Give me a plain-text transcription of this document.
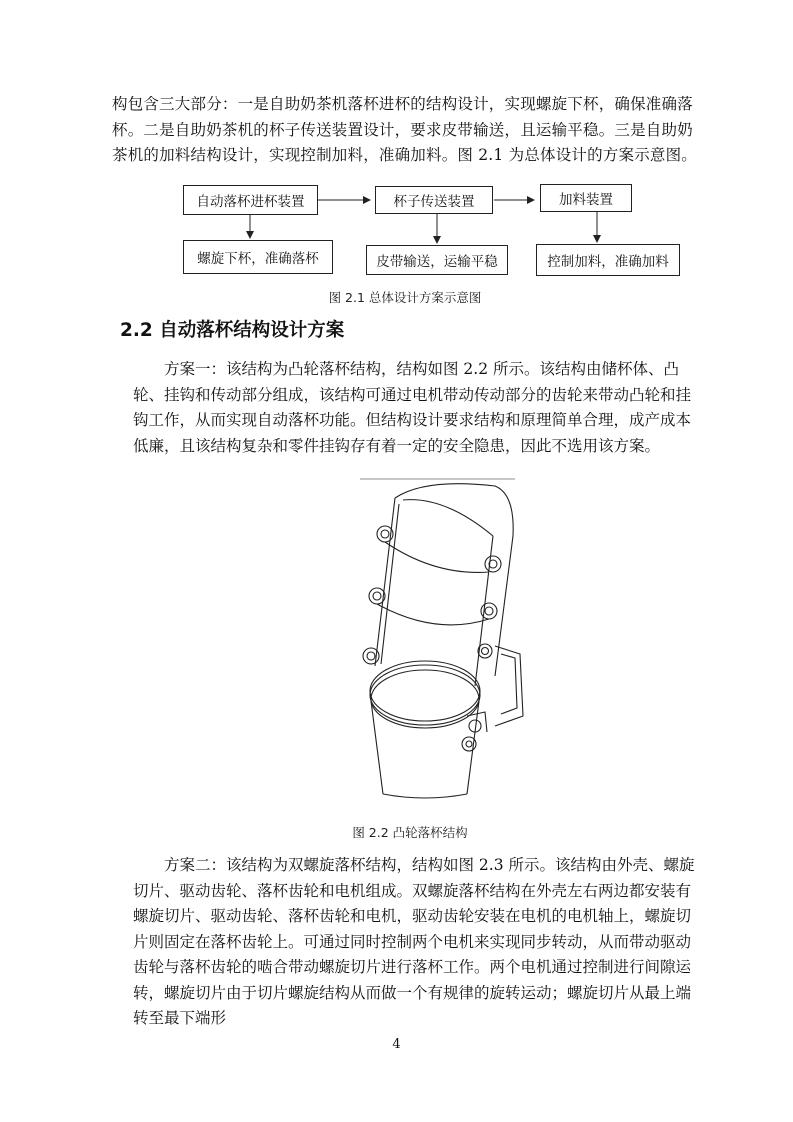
构包含三大部分：一是自助奶茶机落杯进杯的结构设计，实现螺旋下杯，确保准确落杯。二是自助奶茶机的杯子传送装置设计，要求皮带输送，且运输平稳。三是自助奶茶机的加料结构设计，实现控制加料，准确加料。图 2.1 为总体设计的方案示意图。
自动落杯进杯装置	杯子传送装置	加料装置
螺旋下杯，准确落杯	皮带输送，运输平稳	控制加料，准确加料
图 2.1 总体设计方案示意图
2.2 自动落杯结构设计方案
方案一：该结构为凸轮落杯结构，结构如图 2.2 所示。该结构由储杯体、凸轮、挂钩和传动部分组成，该结构可通过电机带动传动部分的齿轮来带动凸轮和挂钩工作，从而实现自动落杯功能。但结构设计要求结构和原理简单合理，成产成本低廉，且该结构复杂和零件挂钩存有着一定的安全隐患，因此不选用该方案。
图 2.2 凸轮落杯结构
方案二：该结构为双螺旋落杯结构，结构如图 2.3 所示。该结构由外壳、螺旋切片、驱动齿轮、落杯齿轮和电机组成。双螺旋落杯结构在外壳左右两边都安装有螺旋切片、驱动齿轮、落杯齿轮和电机，驱动齿轮安装在电机的电机轴上，螺旋切片则固定在落杯齿轮上。可通过同时控制两个电机来实现同步转动，从而带动驱动齿轮与落杯齿轮的啮合带动螺旋切片进行落杯工作。两个电机通过控制进行间隙运转，螺旋切片由于切片螺旋结构从而做一个有规律的旋转运动；螺旋切片从最上端转至最下端形
4
